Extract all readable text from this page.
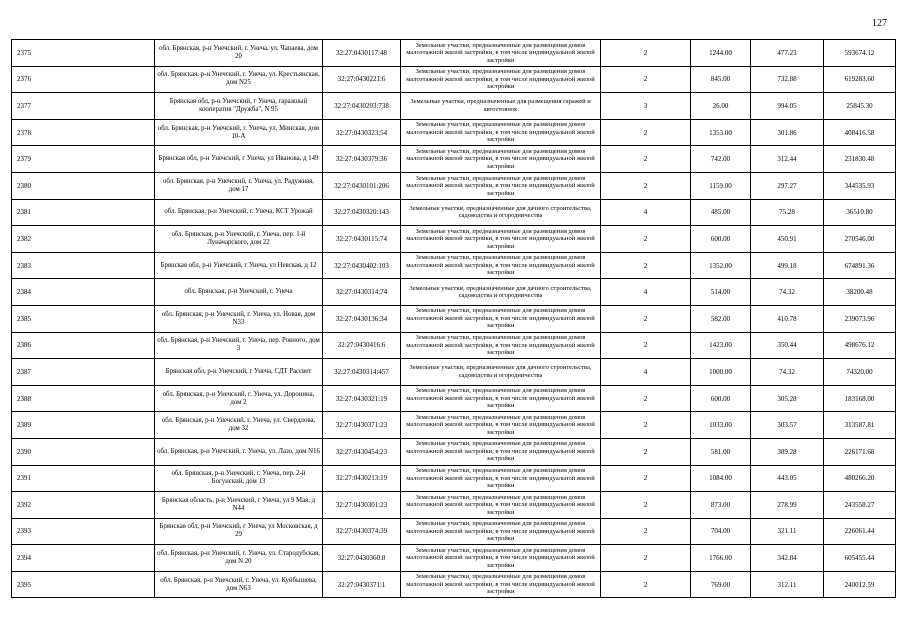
127
2375	обл. Брянская, р-н Унечский, г. Унеча, ул. Чапаева, дом 20	32:27:0430117:48	Земельные участки, предназначенные для размещения домов малоэтажной жилой застройки, в том числе индивидуальной жилой застройки	2	1244.00	477.23	593674.12
2376	обл. Брянская, р-н Унечский, г. Унеча, ул. Крестьянская, дом N25	32:27:0430221:6	Земельные участки, предназначенные для размещения домов малоэтажной жилой застройки, в том числе индивидуальной жилой застройки	2	845.00	732.88	619283.60
2377	Брянская обл, р-н Унечский, г Унеча, гаражный кооператив "Дружба", N 95	32:27:0430203:738	Земельные участки, предназначенные для размещения гаражей и автостоянок	3	26.00	994.05	25845.30
2378	обл. Брянская, р-н Унечский, г. Унеча, ул. Минская, дом 10-А	32:27:0430323:54	Земельные участки, предназначенные для размещения домов малоэтажной жилой застройки, в том числе индивидуальной жилой застройки	2	1353.00	301.86	408416.58
2379	Брянская обл, р-н Унечский, г Унеча, ул Иванова, д 149	32:27:0430379:36	Земельные участки, предназначенные для размещения домов малоэтажной жилой застройки, в том числе индивидуальной жилой застройки	2	742.00	312.44	231830.48
2380	обл. Брянская, р-н Унечский, г. Унеча, ул. Радужная, дом 17	32:27:0430101:206	Земельные участки, предназначенные для размещения домов малоэтажной жилой застройки, в том числе индивидуальной жилой застройки	2	1159.00	297.27	344535.93
2381	обл. Брянская, р-н Унечский, г. Унеча, КСТ Урожай	32:27:0430320:143	Земельные участки, предназначенные для дачного строительства, садоводства и огородничества	4	485.00	75.28	36510.80
2382	обл. Брянская, р-н Унечский, г. Унеча, пер. 1-й Луначарского, дом 22	32:27:0430115:74	Земельные участки, предназначенные для размещения домов малоэтажной жилой застройки, в том числе индивидуальной жилой застройки	2	600.00	450.91	270546.00
2383	Брянская обл, р-н Унечский, г Унеча, ул Невская, д 12	32:27:0430402:103	Земельные участки, предназначенные для размещения домов малоэтажной жилой застройки, в том числе индивидуальной жилой застройки	2	1352.00	499.18	674891.36
2384	обл. Брянская, р-н Унечский, г. Унеча	32:27:0430314:74	Земельные участки, предназначенные для дачного строительства, садоводства и огородничества	4	514.00	74.32	38200.48
2385	обл. Брянская, р-н Унечский, г. Унеча, ул. Новая, дом N33	32:27:0430136:34	Земельные участки, предназначенные для размещения домов малоэтажной жилой застройки, в том числе индивидуальной жилой застройки	2	582.00	410.78	239073.96
2386	обл. Брянская, р-н Унечский, г. Унеча, пер. Ровного, дом 3	32:27:0430416:6	Земельные участки, предназначенные для размещения домов малоэтажной жилой застройки, в том числе индивидуальной жилой застройки	2	1423.00	350.44	498676.12
2387	Брянская обл, р-н Унечский, г Унеча, СДТ Рассвет	32:27:0430314:457	Земельные участки, предназначенные для дачного строительства, садоводства и огородничества	4	1000.00	74.32	74320.00
2388	обл. Брянская, р-н Унечский, г. Унеча, ул. Доронина, дом 2	32:27:0430321:19	Земельные участки, предназначенные для размещения домов малоэтажной жилой застройки, в том числе индивидуальной жилой застройки	2	600.00	305.28	183168.00
2389	обл. Брянская, р-н Унечский, г. Унеча, ул. Свердлова, дом 32	32:27:0430371:23	Земельные участки, предназначенные для размещения домов малоэтажной жилой застройки, в том числе индивидуальной жилой застройки	2	1033.00	303.57	313587.81
2390	обл. Брянская, р-н Унечский, г. Унеча, ул. Лазо, дом N16	32:27:0430454:23	Земельные участки, предназначенные для размещения домов малоэтажной жилой застройки, в том числе индивидуальной жилой застройки	2	581.00	389.28	226171.68
2391	обл. Брянская, р-н Унечский, г. Унеча, пер. 2-й Богунский, дом 13	32:27:0430213:19	Земельные участки, предназначенные для размещения домов малоэтажной жилой застройки, в том числе индивидуальной жилой застройки	2	1084.00	443.05	480266.20
2392	Брянская область, р-н Унечский, г Унеча, ул 9 Мая, д N44	32:27:0430301:23	Земельные участки, предназначенные для размещения домов малоэтажной жилой застройки, в том числе индивидуальной жилой застройки	2	873.00	278.99	243558.27
2393	Брянская обл, р-н Унечский, г Унеча, ул Московская, д 29	32:27:0430374:39	Земельные участки, предназначенные для размещения домов малоэтажной жилой застройки, в том числе индивидуальной жилой застройки	2	704.00	321.11	226061.44
2394	обл. Брянская, р-н Унечский, г. Унеча, ул. Стародубская, дом N 20	32:27:0430360:8	Земельные участки, предназначенные для размещения домов малоэтажной жилой застройки, в том числе индивидуальной жилой застройки	2	1766.00	342.84	605455.44
2395	обл. Брянская, р-н Унечский, г. Унеча, ул. Куйбышева, дом N63	32:27:0430371:1	Земельные участки, предназначенные для размещения домов малоэтажной жилой застройки, в том числе индивидуальной жилой застройки	2	769.00	312.11	240012.59
